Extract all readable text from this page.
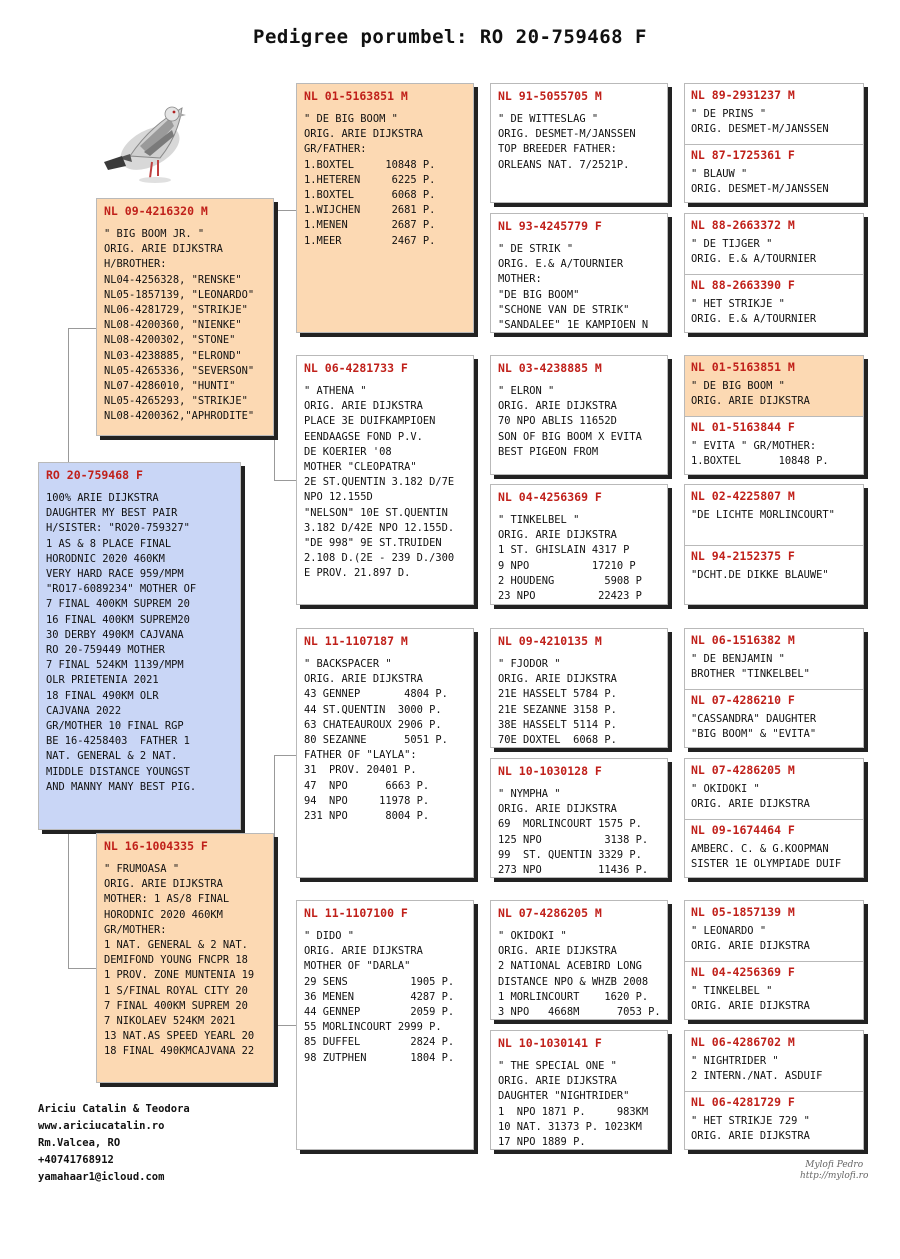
Pedigree porumbel: RO 20-759468 F
RO 20-759468 F
100% ARIE DIJKSTRA
DAUGHTER MY BEST PAIR
H/SISTER: "RO20-759327"
1 AS & 8 PLACE FINAL
HORODNIC 2020 460KM
VERY HARD RACE 959/MPM
"RO17-6089234" MOTHER OF
7 FINAL 400KM SUPREM 20
16 FINAL 400KM SUPREM20
30 DERBY 490KM CAJVANA
RO 20-759449 MOTHER
7 FINAL 524KM 1139/MPM
OLR PRIETENIA 2021
18 FINAL 490KM OLR
CAJVANA 2022
GR/MOTHER 10 FINAL RGP
BE 16-4258403  FATHER 1
NAT. GENERAL & 2 NAT.
MIDDLE DISTANCE YOUNGST
AND MANNY MANY BEST PIG.
NL 09-4216320 M
" BIG BOOM JR. "
ORIG. ARIE DIJKSTRA
H/BROTHER:
NL04-4256328, "RENSKE"
NL05-1857139, "LEONARDO"
NL06-4281729, "STRIKJE"
NL08-4200360, "NIENKE"
NL08-4200302, "STONE"
NL03-4238885, "ELROND"
NL05-4265336, "SEVERSON"
NL07-4286010, "HUNTI"
NL05-4265293, "STRIKJE"
NL08-4200362,"APHRODITE"
NL 16-1004335 F
" FRUMOASA "
ORIG. ARIE DIJKSTRA
MOTHER: 1 AS/8 FINAL
HORODNIC 2020 460KM
GR/MOTHER:
1 NAT. GENERAL & 2 NAT.
DEMIFOND YOUNG FNCPR 18
1 PROV. ZONE MUNTENIA 19
1 S/FINAL ROYAL CITY 20
7 FINAL 400KM SUPREM 20
7 NIKOLAEV 524KM 2021
13 NAT.AS SPEED YEARL 20
18 FINAL 490KMCAJVANA 22
NL 01-5163851 M
" DE BIG BOOM "
ORIG. ARIE DIJKSTRA
GR/FATHER:
1.BOXTEL     10848 P.
1.HETEREN     6225 P.
1.BOXTEL      6068 P.
1.WIJCHEN     2681 P.
1.MENEN       2687 P.
1.MEER        2467 P.
NL 06-4281733 F
" ATHENA "
ORIG. ARIE DIJKSTRA
PLACE 3E DUIFKAMPIOEN
EENDAAGSE FOND P.V.
DE KOERIER '08
MOTHER "CLEOPATRA"
2E ST.QUENTIN 3.182 D/7E
NPO 12.155D
"NELSON" 10E ST.QUENTIN
3.182 D/42E NPO 12.155D.
"DE 998" 9E ST.TRUIDEN
2.108 D.(2E - 239 D./300
E PROV. 21.897 D.
NL 11-1107187 M
" BACKSPACER "
ORIG. ARIE DIJKSTRA
43 GENNEP       4804 P.
44 ST.QUENTIN  3000 P.
63 CHATEAUROUX 2906 P.
80 SEZANNE      5051 P.
FATHER OF "LAYLA":
31  PROV. 20401 P.
47  NPO      6663 P.
94  NPO     11978 P.
231 NPO      8004 P.
NL 11-1107100 F
" DIDO "
ORIG. ARIE DIJKSTRA
MOTHER OF "DARLA"
29 SENS          1905 P.
36 MENEN         4287 P.
44 GENNEP        2059 P.
55 MORLINCOURT 2999 P.
85 DUFFEL        2824 P.
98 ZUTPHEN       1804 P.
NL 91-5055705 M
" DE WITTESLAG "
ORIG. DESMET-M/JANSSEN
TOP BREEDER FATHER:
ORLEANS NAT. 7/2521P.
NL 93-4245779 F
" DE STRIK "
ORIG. E.& A/TOURNIER
MOTHER:
"DE BIG BOOM"
"SCHONE VAN DE STRIK"
"SANDALEE" 1E KAMPIOEN N
NL 03-4238885 M
" ELRON "
ORIG. ARIE DIJKSTRA
70 NPO ABLIS 11652D
SON OF BIG BOOM X EVITA
BEST PIGEON FROM
NL 04-4256369 F
" TINKELBEL "
ORIG. ARIE DIJKSTRA
1 ST. GHISLAIN 4317 P
9 NPO          17210 P
2 HOUDENG        5908 P
23 NPO          22423 P
NL 09-4210135 M
" FJODOR "
ORIG. ARIE DIJKSTRA
21E HASSELT 5784 P.
21E SEZANNE 3158 P.
38E HASSELT 5114 P.
70E DOXTEL  6068 P.
NL 10-1030128 F
" NYMPHA "
ORIG. ARIE DIJKSTRA
69  MORLINCOURT 1575 P.
125 NPO          3138 P.
99  ST. QUENTIN 3329 P.
273 NPO         11436 P.
NL 07-4286205 M
" OKIDOKI "
ORIG. ARIE DIJKSTRA
2 NATIONAL ACEBIRD LONG
DISTANCE NPO & WHZB 2008
1 MORLINCOURT    1620 P.
3 NPO   4668M      7053 P.
NL 10-1030141 F
" THE SPECIAL ONE "
ORIG. ARIE DIJKSTRA
DAUGHTER "NIGHTRIDER"
1  NPO 1871 P.     983KM
10 NAT. 31373 P. 1023KM
17 NPO 1889 P.
NL 89-2931237 M
" DE PRINS "
ORIG. DESMET-M/JANSSEN
NL 87-1725361 F
" BLAUW "
ORIG. DESMET-M/JANSSEN
NL 88-2663372 M
" DE TIJGER "
ORIG. E.& A/TOURNIER
NL 88-2663390 F
" HET STRIKJE "
ORIG. E.& A/TOURNIER
NL 01-5163851 M
" DE BIG BOOM "
ORIG. ARIE DIJKSTRA
NL 01-5163844 F
" EVITA " GR/MOTHER:
1.BOXTEL      10848 P.
NL 02-4225807 M
"DE LICHTE MORLINCOURT"
NL 94-2152375 F
"DCHT.DE DIKKE BLAUWE"
NL 06-1516382 M
" DE BENJAMIN "
BROTHER "TINKELBEL"
NL 07-4286210 F
"CASSANDRA" DAUGHTER
"BIG BOOM" & "EVITA"
NL 07-4286205 M
" OKIDOKI "
ORIG. ARIE DIJKSTRA
NL 09-1674464 F
AMBERC. C. & G.KOOPMAN
SISTER 1E OLYMPIADE DUIF
NL 05-1857139 M
" LEONARDO "
ORIG. ARIE DIJKSTRA
NL 04-4256369 F
" TINKELBEL "
ORIG. ARIE DIJKSTRA
NL 06-4286702 M
" NIGHTRIDER "
2 INTERN./NAT. ASDUIF
NL 06-4281729 F
" HET STRIKJE 729 "
ORIG. ARIE DIJKSTRA
Ariciu Catalin & Teodora
www.ariciucatalin.ro
Rm.Valcea, RO
+40741768912
yamahaar1@icloud.com
Mylofi Pedro
http://mylofi.ro
